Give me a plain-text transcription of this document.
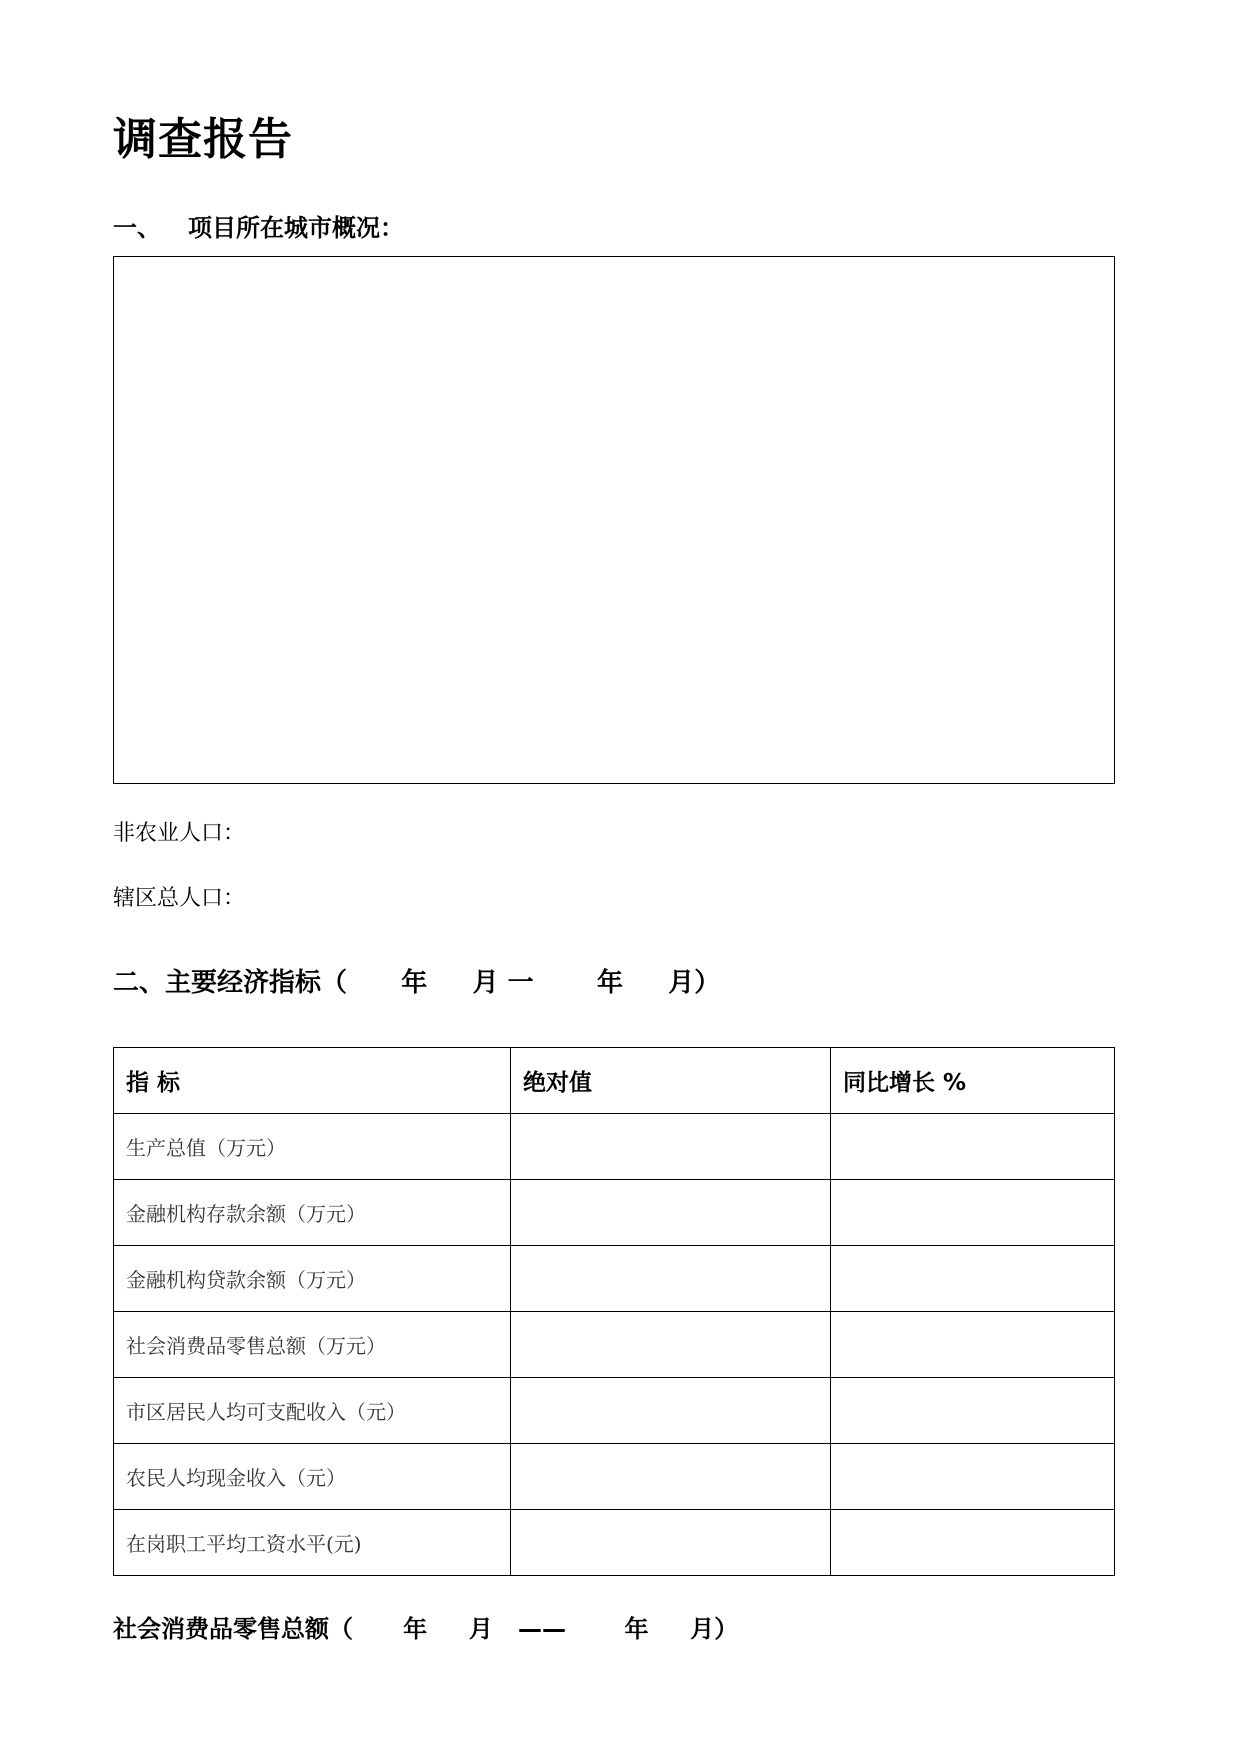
调查报告
一、 项目所在城市概况：
非农业人口：
辖区总人口：
二、主要经济指标（      年     月 一       年     月）
指 标	绝对值	同比增长 %
生产总值（万元）		
金融机构存款余额（万元）		
金融机构贷款余额（万元）		
社会消费品零售总额（万元）		
市区居民人均可支配收入（元）		
农民人均现金收入（元）		
在岗职工平均工资水平(元)		
社会消费品零售总额（      年     月   ——       年     月）
